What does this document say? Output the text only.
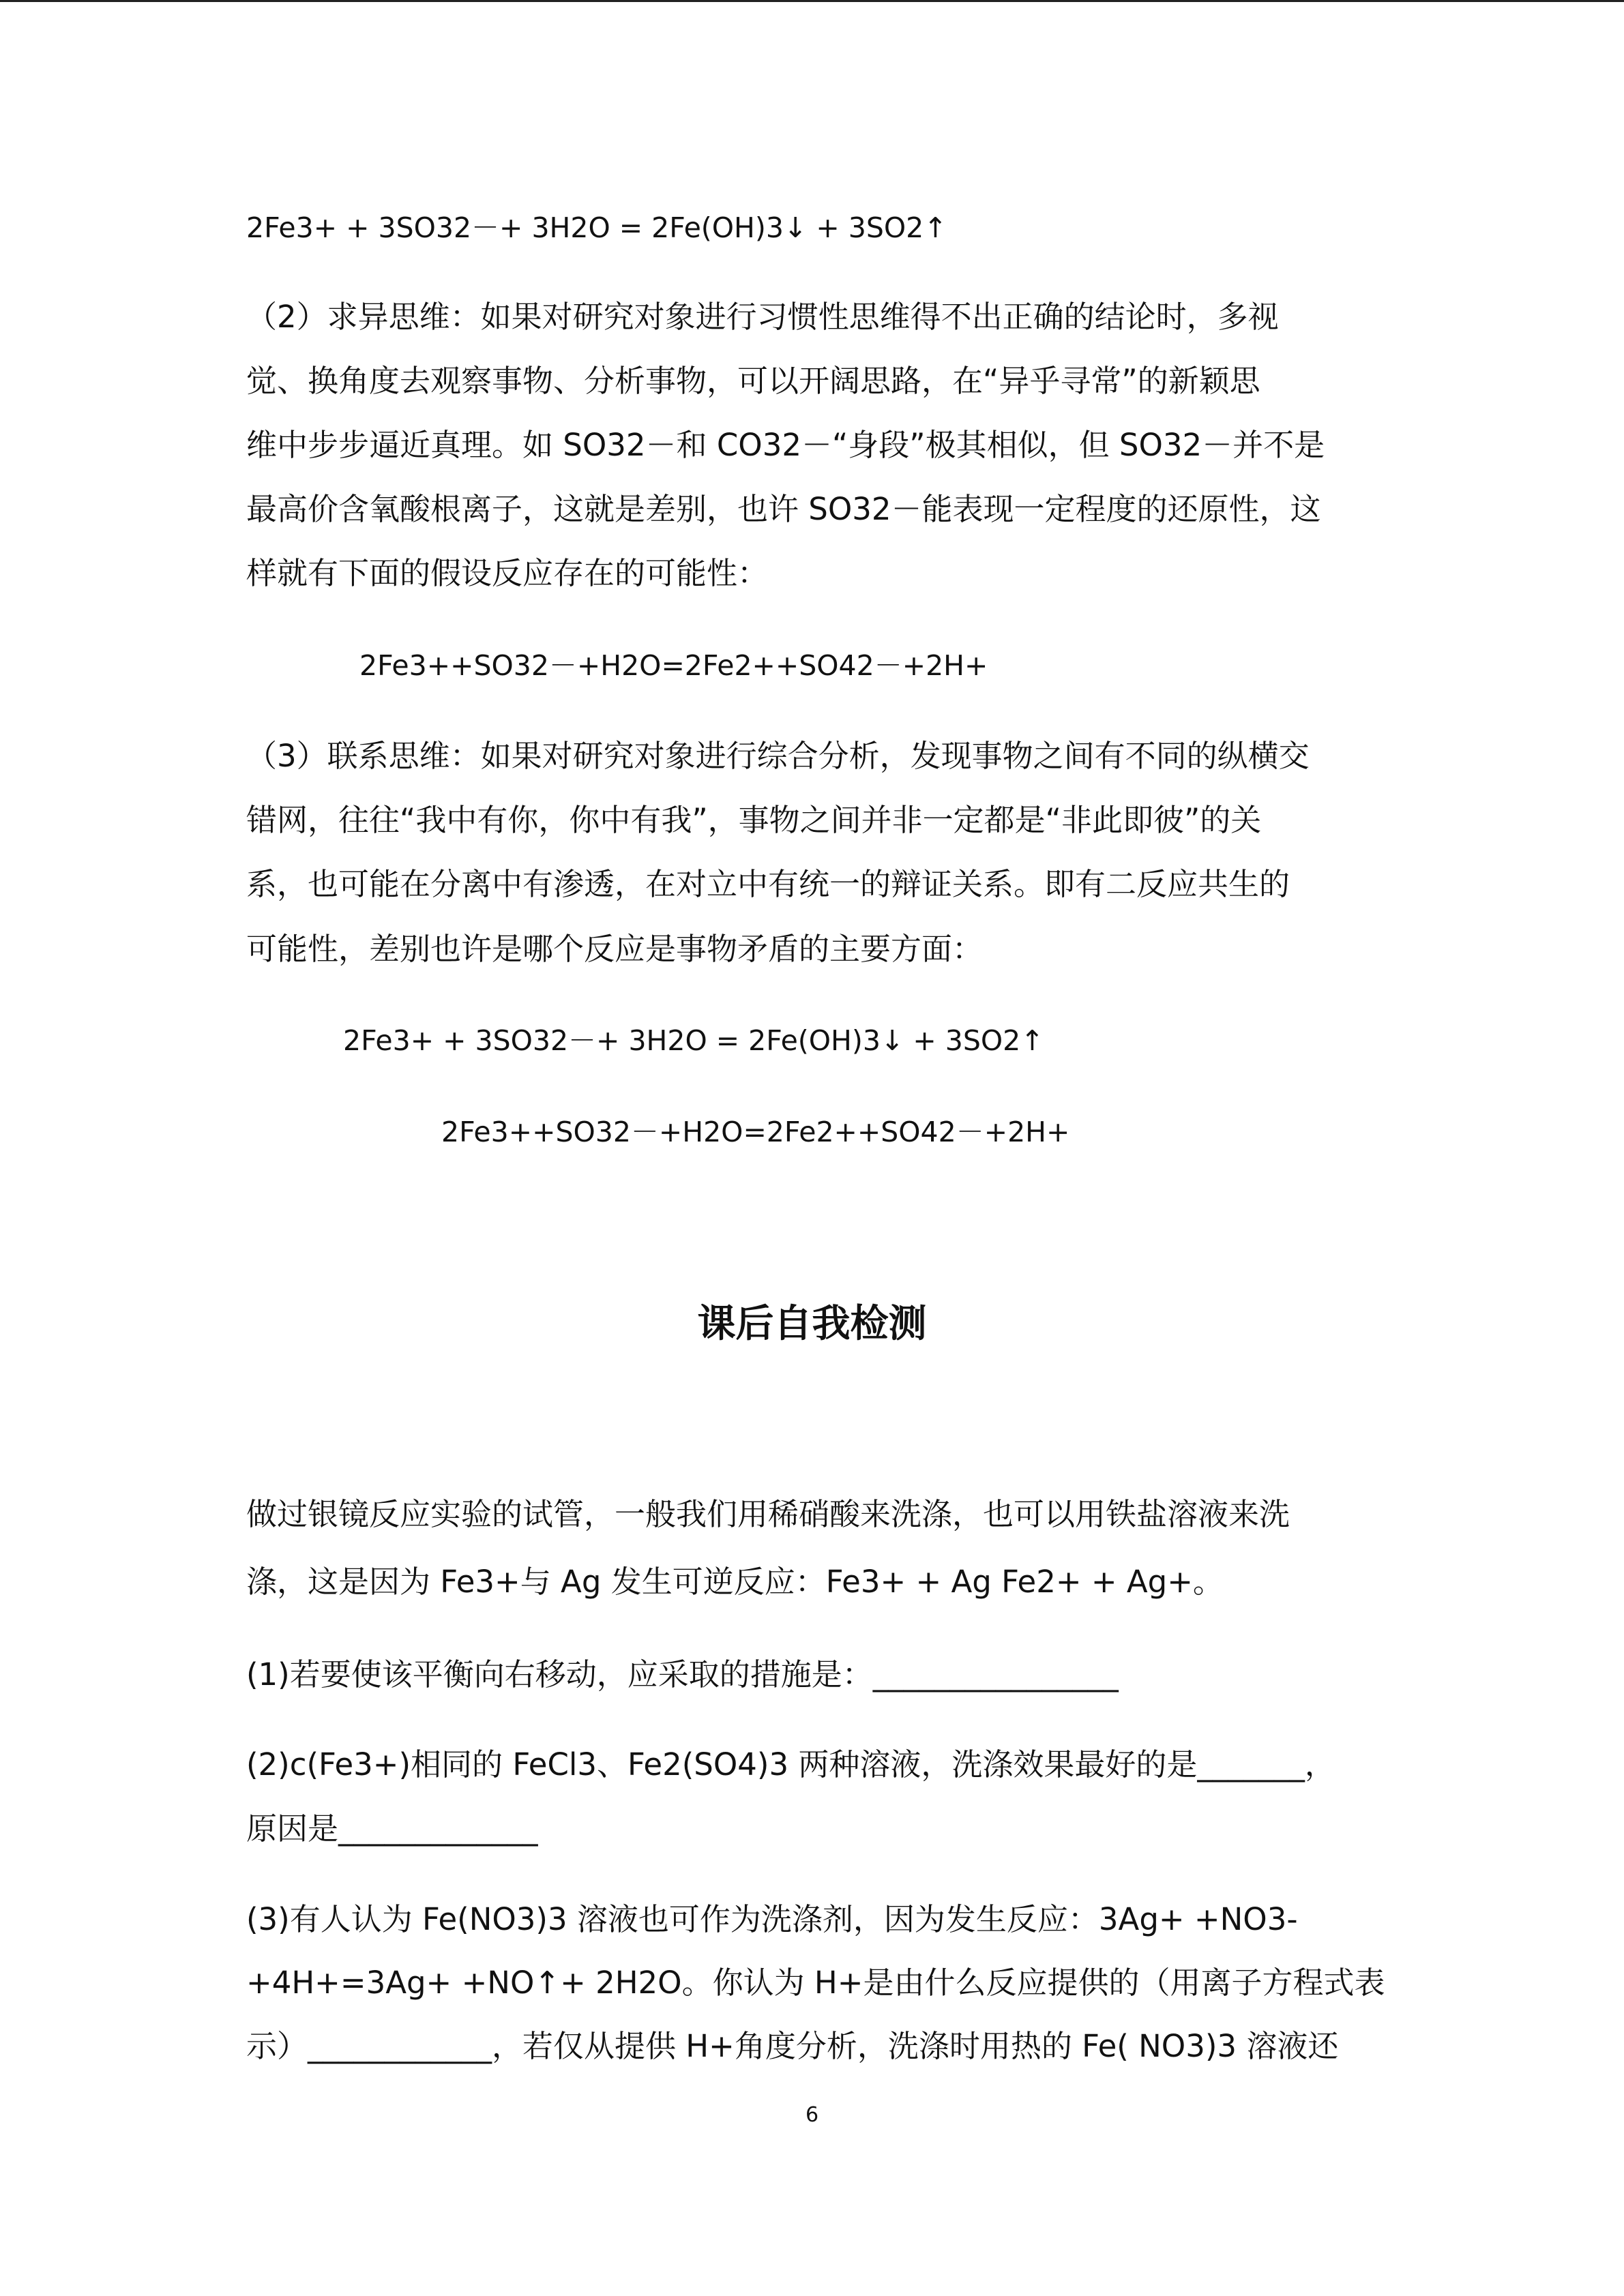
2Fe3+ + 3SO32－+ 3H2O = 2Fe(OH)3↓ + 3SO2↑

（2）求异思维：如果对研究对象进行习惯性思维得不出正确的结论时，多视

觉、换角度去观察事物、分析事物，可以开阔思路，在“异乎寻常”的新颖思

维中步步逼近真理。如 SO32－和 CO32－“身段”极其相似，但 SO32－并不是

最高价含氧酸根离子，这就是差别，也许 SO32－能表现一定程度的还原性，这

样就有下面的假设反应存在的可能性：

2Fe3++SO32－+H2O=2Fe2++SO42－+2H+

（3）联系思维：如果对研究对象进行综合分析，发现事物之间有不同的纵横交

错网，往往“我中有你，你中有我”，事物之间并非一定都是“非此即彼”的关

系，也可能在分离中有渗透，在对立中有统一的辩证关系。即有二反应共生的

可能性，差别也许是哪个反应是事物矛盾的主要方面：

2Fe3+ + 3SO32－+ 3H2O = 2Fe(OH)3↓ + 3SO2↑

2Fe3++SO32－+H2O=2Fe2++SO42－+2H+

课后自我检测

做过银镜反应实验的试管，一般我们用稀硝酸来洗涤，也可以用铁盐溶液来洗

涤，这是因为 Fe3+与 Ag 发生可逆反应：Fe3+ + Ag Fe2+ + Ag+。

(1)若要使该平衡向右移动，应采取的措施是：________________

(2)c(Fe3+)相同的 FeCl3、Fe2(SO4)3 两种溶液，洗涤效果最好的是_______，

原因是_____________

(3)有人认为 Fe(NO3)3 溶液也可作为洗涤剂，因为发生反应：3Ag+ +NO3-

+4H+=3Ag+ +NO↑+ 2H2O。你认为 H+是由什么反应提供的（用离子方程式表

示）____________，若仅从提供 H+角度分析，洗涤时用热的 Fe( NO3)3 溶液还

6
